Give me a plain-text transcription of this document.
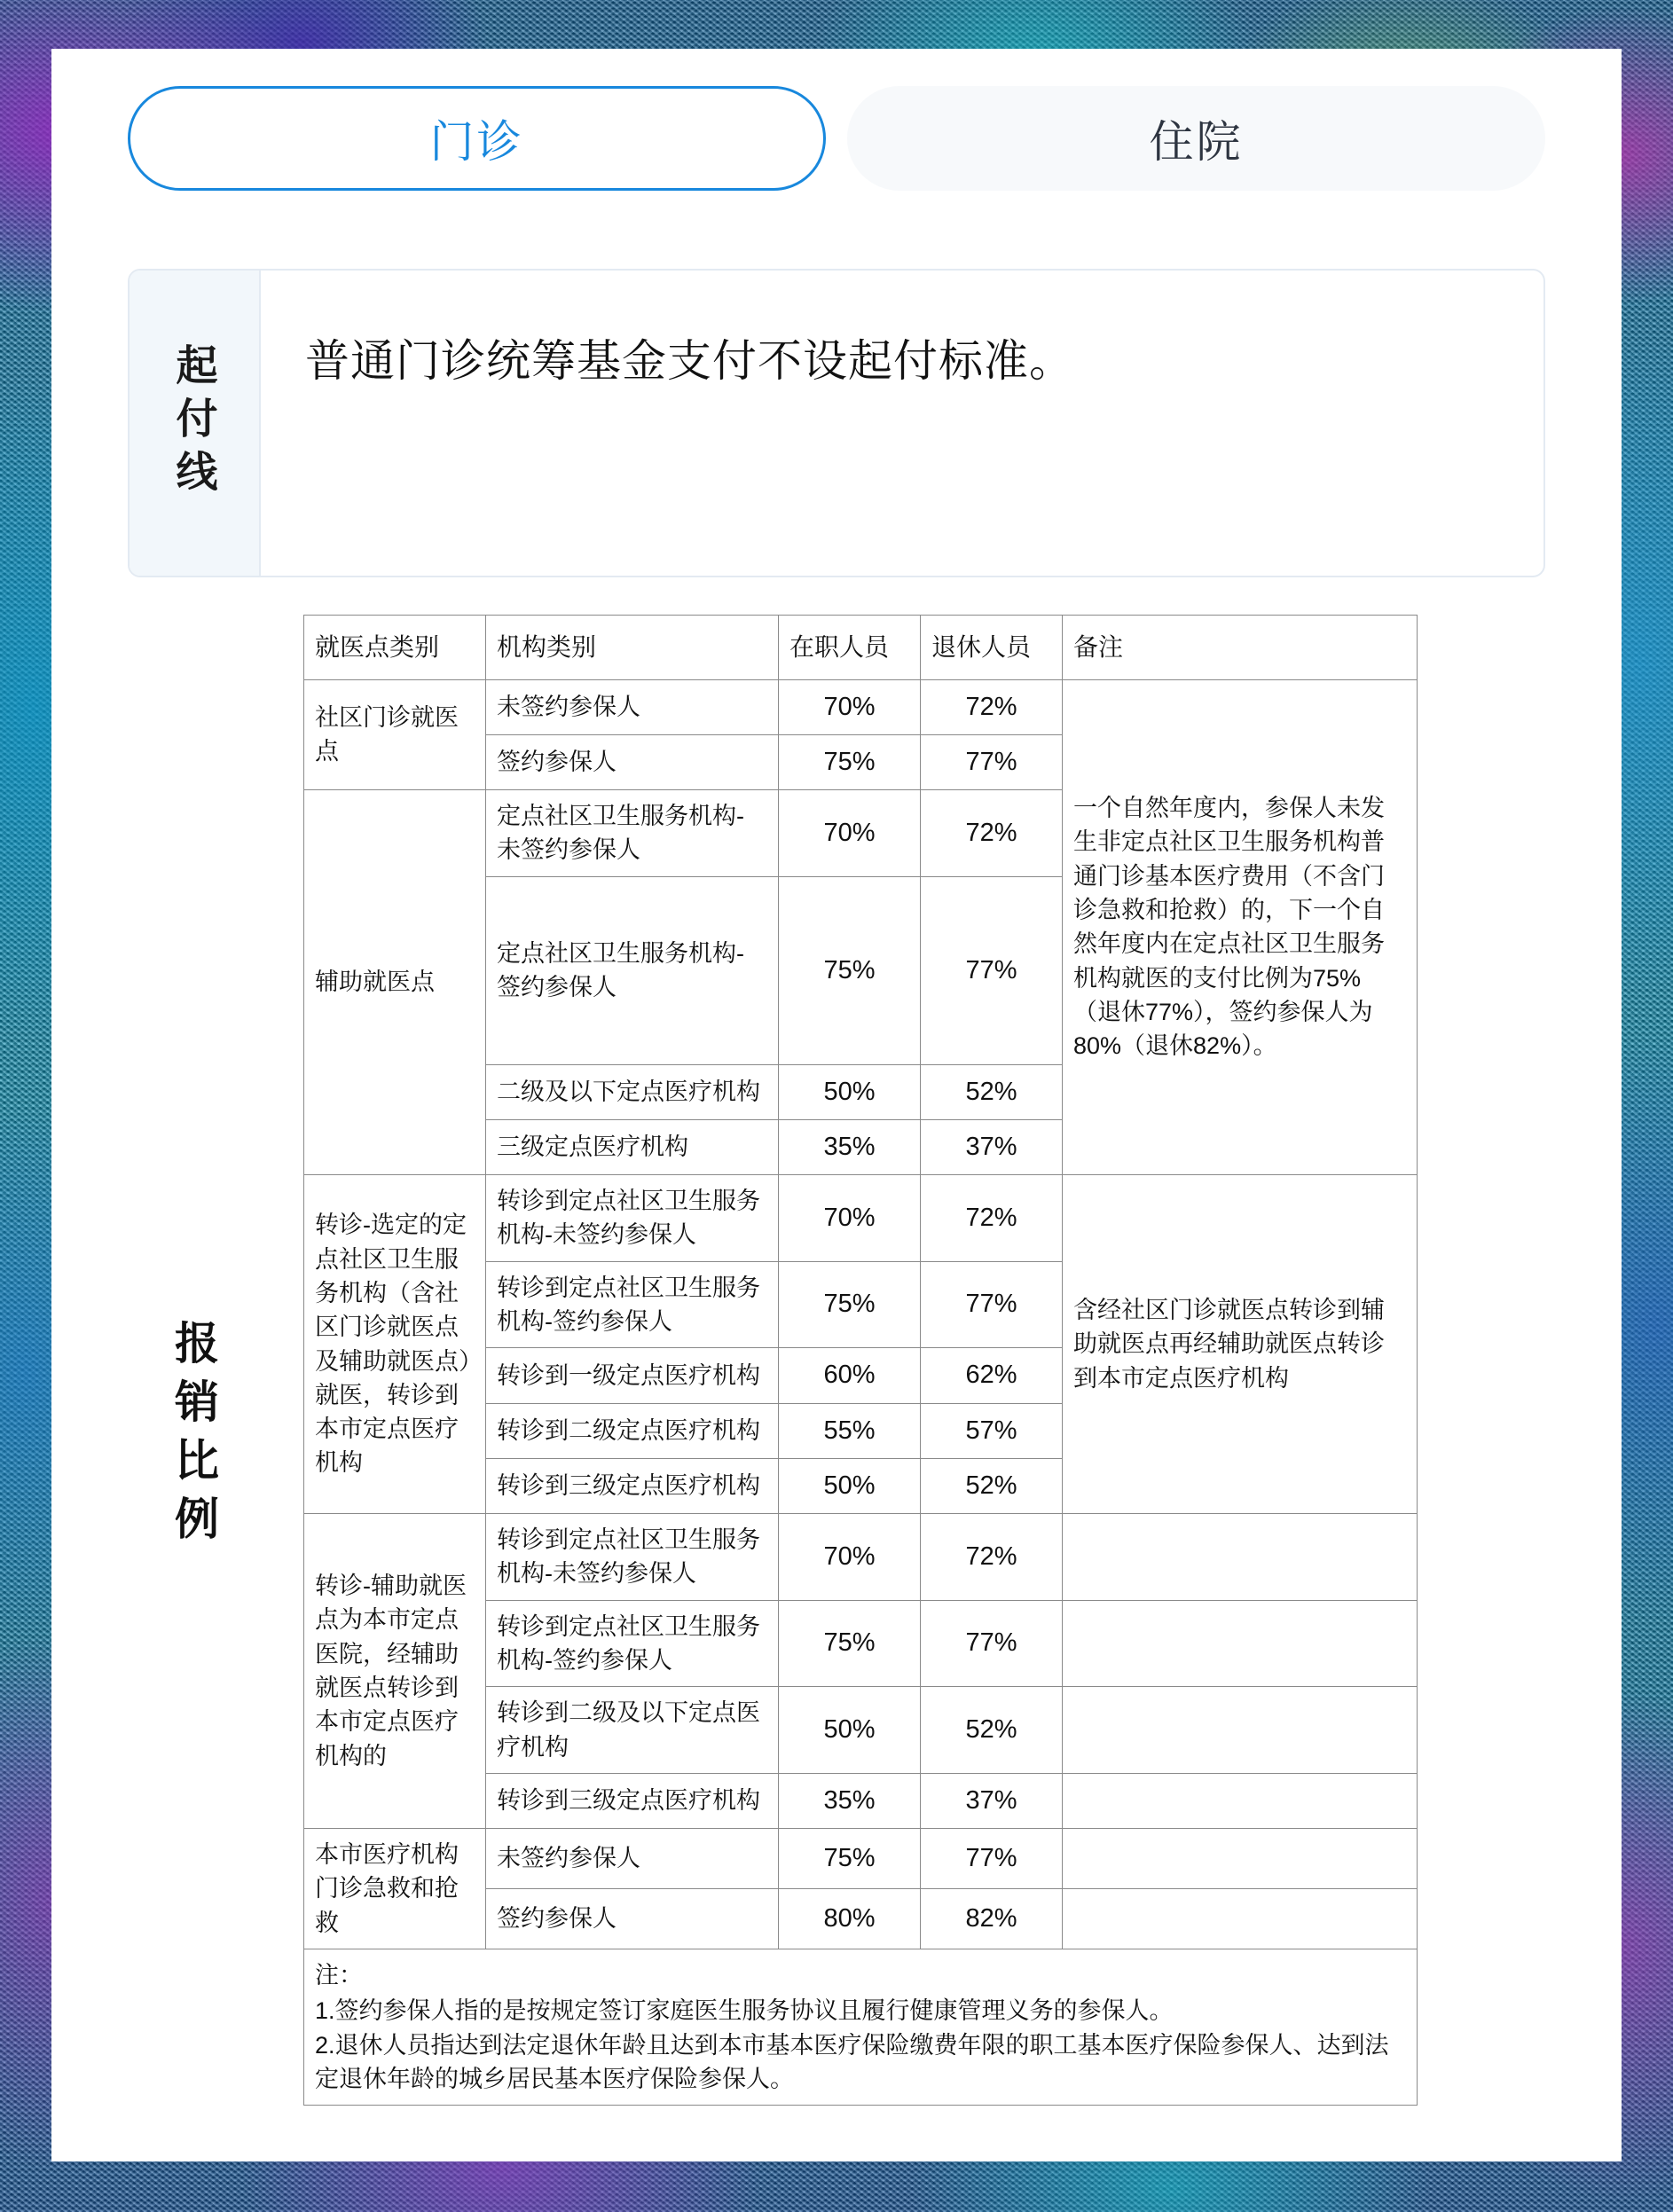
门诊	住院
起付线 普通门诊统筹基金支付不设起付标准。
报销比例
就医点类别	机构类别	在职人员	退休人员	备注
社区门诊就医点	未签约参保人	70%	72%	一个自然年度内，参保人未发生非定点社区卫生服务机构普通门诊基本医疗费用（不含门诊急救和抢救）的，下一个自然年度内在定点社区卫生服务机构就医的支付比例为75%（退休77%），签约参保人为80%（退休82%）。
	签约参保人	75%	77%	
辅助就医点	定点社区卫生服务机构-未签约参保人	70%	72%	
	定点社区卫生服务机构-签约参保人	75%	77%	
	二级及以下定点医疗机构	50%	52%	
	三级定点医疗机构	35%	37%	
转诊-选定的定点社区卫生服务机构（含社区门诊就医点及辅助就医点）就医，转诊到本市定点医疗机构	转诊到定点社区卫生服务机构-未签约参保人	70%	72%	含经社区门诊就医点转诊到辅助就医点再经辅助就医点转诊到本市定点医疗机构
	转诊到定点社区卫生服务机构-签约参保人	75%	77%	
	转诊到一级定点医疗机构	60%	62%	
	转诊到二级定点医疗机构	55%	57%	
	转诊到三级定点医疗机构	50%	52%	
转诊-辅助就医点为本市定点医院，经辅助就医点转诊到本市定点医疗机构的	转诊到定点社区卫生服务机构-未签约参保人	70%	72%	
	转诊到定点社区卫生服务机构-签约参保人	75%	77%	
	转诊到二级及以下定点医疗机构	50%	52%	
	转诊到三级定点医疗机构	35%	37%	
本市医疗机构门诊急救和抢救	未签约参保人	75%	77%	
	签约参保人	80%	82%	

注：
1.签约参保人指的是按规定签订家庭医生服务协议且履行健康管理义务的参保人。
2.退休人员指达到法定退休年龄且达到本市基本医疗保险缴费年限的职工基本医疗保险参保人、达到法定退休年龄的城乡居民基本医疗保险参保人。				
